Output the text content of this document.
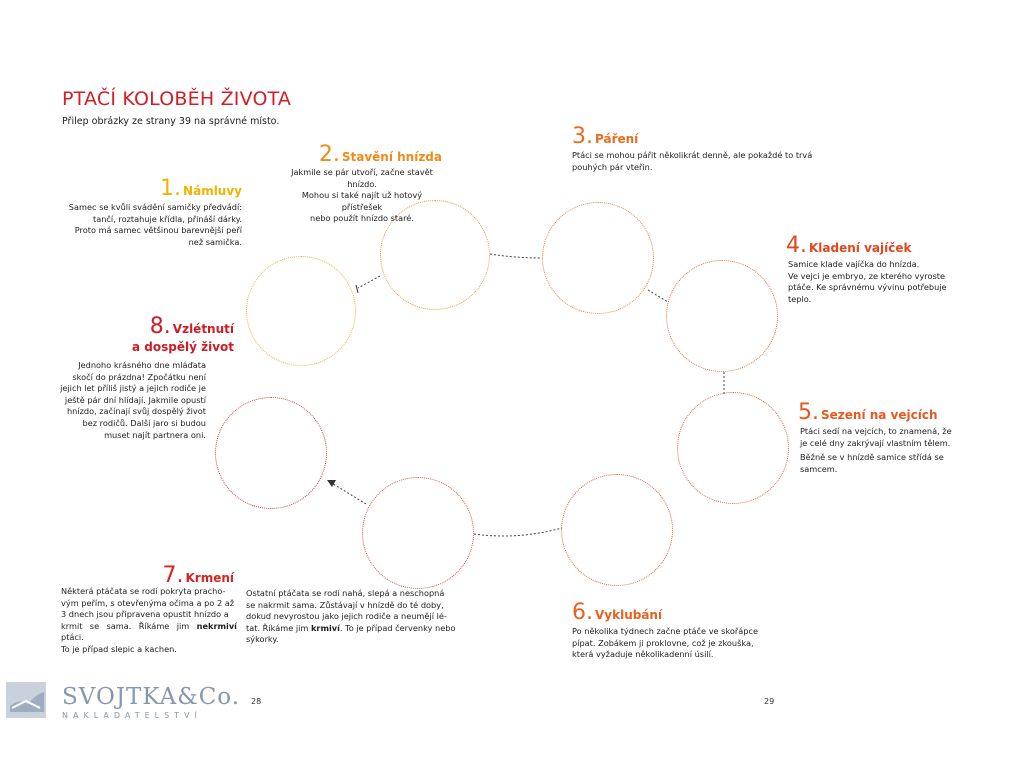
PTAČÍ KOLOBĚH ŽIVOTA
Přilep obrázky ze strany 39 na správné místo.
1. Námluvy
Samec se kvůli svádění samičky předvádí:
tančí, roztahuje křídla, přináší dárky.
Proto má samec většinou barevnější peří
než samička.
2. Stavění hnízda
Jakmile se pár utvoří, začne stavět hnízdo.
Mohou si také najít už hotový přístřešek
nebo použít hnízdo staré.
3. Páření
Ptáci se mohou pářit několikrát denně, ale pokaždé to trvá
pouhých pár vteřin.
4. Kladení vajíček
Samice klade vajíčka do hnízda.
Ve vejci je embryo, ze kterého vyroste
ptáče. Ke správnému vývinu potřebuje
teplo.
5. Sezení na vejcích
Ptáci sedí na vejcích, to znamená, že
je celé dny zakrývají vlastním tělem.
Běžně se v hnízdě samice střídá se
samcem.
6. Vyklubání
Po několika týdnech začne ptáče ve skořápce
pípat. Zobákem ji proklovne, což je zkouška,
která vyžaduje několikadenní úsilí.
7. Krmení
Některá ptáčata se rodí pokryta pracho-
vým peřím, s otevřenýma očima a po 2 až
3 dnech jsou připravena opustit hnízdo a
krmit se sama. Říkáme jim nekrmiví ptáci.
To je případ slepic a kachen.
Ostatní ptáčata se rodí nahá, slepá a neschopná
se nakrmit sama. Zůstávají v hnízdě do té doby,
dokud nevyrostou jako jejich rodiče a neumějí lé-
tat. Říkáme jim krmiví. To je případ červenky nebo
sýkorky.
8. Vzlétnutí
a dospělý život
Jednoho krásného dne mláďata
skočí do prázdna! Zpočátku není
jejich let příliš jistý a jejich rodiče je
ještě pár dní hlídají. Jakmile opustí
hnízdo, začínají svůj dospělý život
bez rodičů. Další jaro si budou
muset najít partnera oni.
28	29
SVOJTKA&Co.
NAKLADATELSTVÍ
